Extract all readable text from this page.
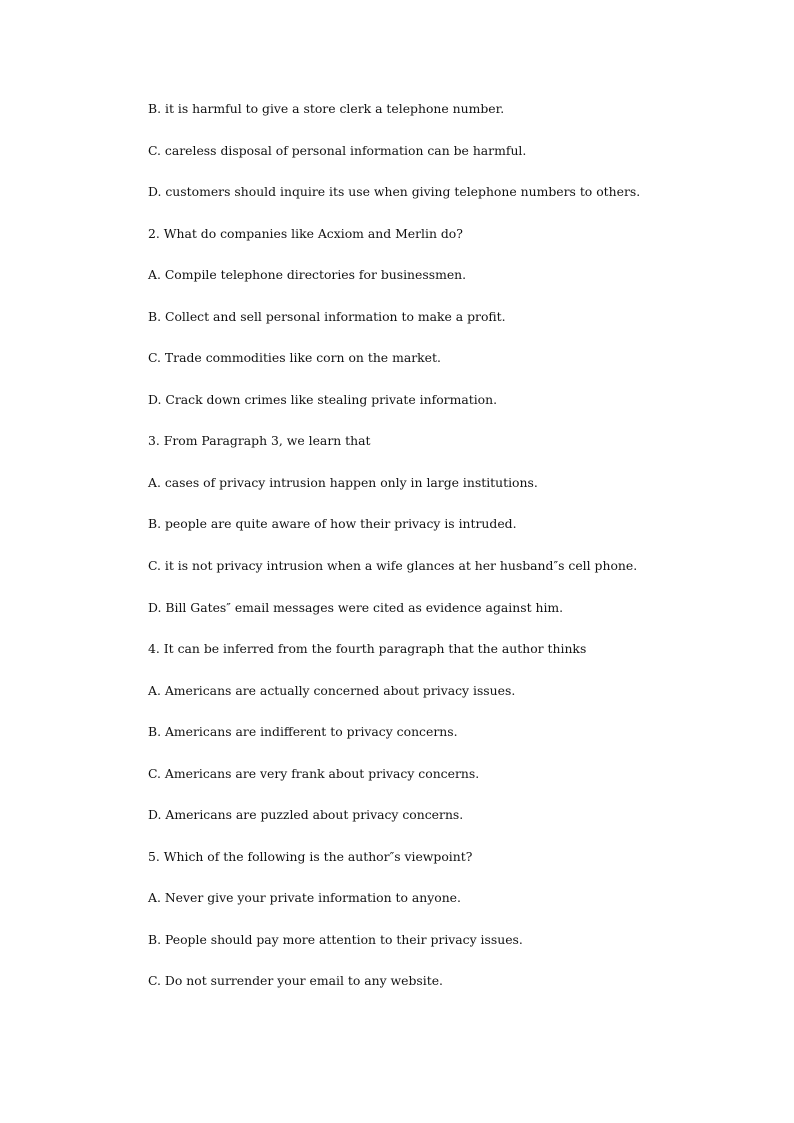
B. it is harmful to give a store clerk a telephone number.

C. careless disposal of personal information can be harmful.

D. customers should inquire its use when giving telephone numbers to others.

2. What do companies like Acxiom and Merlin do?

A. Compile telephone directories for businessmen.

B. Collect and sell personal information to make a profit.

C. Trade commodities like corn on the market.

D. Crack down crimes like stealing private information.

3. From Paragraph 3, we learn that

A. cases of privacy intrusion happen only in large institutions.

B. people are quite aware of how their privacy is intruded.

C. it is not privacy intrusion when a wife glances at her husband″s cell phone.

D. Bill Gates″ email messages were cited as evidence against him.

4. It can be inferred from the fourth paragraph that the author thinks

A. Americans are actually concerned about privacy issues.

B. Americans are indifferent to privacy concerns.

C. Americans are very frank about privacy concerns.

D. Americans are puzzled about privacy concerns.

5. Which of the following is the author″s viewpoint?

A. Never give your private information to anyone.

B. People should pay more attention to their privacy issues.

C. Do not surrender your email to any website.
